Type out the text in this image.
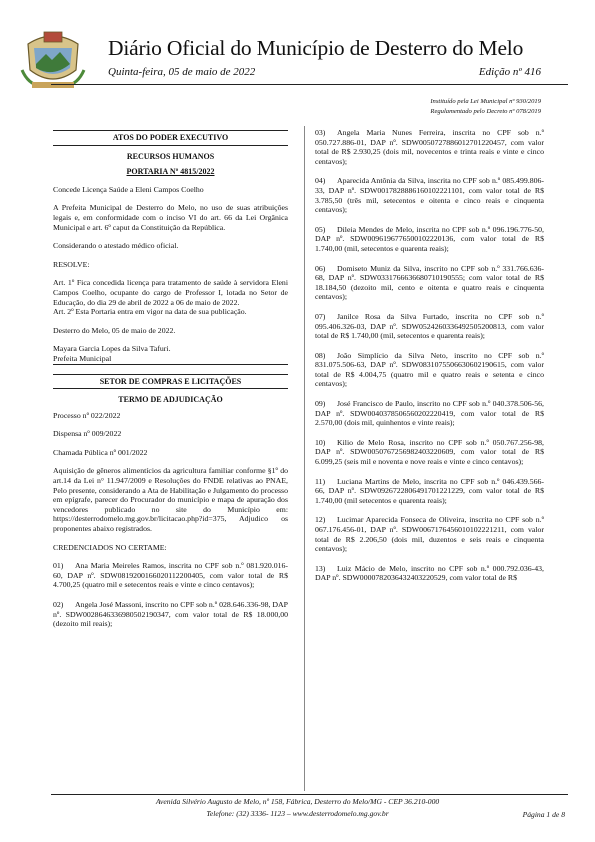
Diário Oficial do Município de Desterro do Melo
Quinta-feira, 05 de maio de 2022	Edição nº 416
Instituído pela Lei Municipal nº 930/2019
Regulamentado pelo Decreto nº 078/2019
ATOS DO PODER EXECUTIVO
RECURSOS HUMANOS
PORTARIA Nº 4815/2022

Concede Licença Saúde a Eleni Campos Coelho

A Prefeita Municipal de Desterro do Melo, no uso de suas atribuições legais e, em conformidade com o inciso VI do art. 66 da Lei Orgânica Municipal e art. 6º caput da Constituição da República.

Considerando o atestado médico oficial.

RESOLVE:

Art. 1º Fica concedida licença para tratamento de saúde à servidora Eleni Campos Coelho, ocupante do cargo de Professor I, lotada no Setor de Educação, do dia 29 de abril de 2022 a 06 de maio de 2022.

Art. 2º Esta Portaria entra em vigor na data de sua publicação.

Desterro do Melo, 05 de maio de 2022.

Mayara Garcia Lopes da Silva Tafuri.

Prefeita Municipal

SETOR DE COMPRAS E LICITAÇÕES
TERMO DE ADJUDICAÇÃO

Processo nº 022/2022

Dispensa nº 009/2022

Chamada Pública nº 001/2022

Aquisição de gêneros alimentícios da agricultura familiar conforme §1º do art.14 da Lei n° 11.947/2009 e Resoluções do FNDE relativas ao PNAE, Pelo presente, considerando a Ata de Habilitação e Julgamento do processo em epígrafe, parecer do Procurador do município e mapa de apuração dos vencedores publicado no site do Município em: https://desterrodomelo.mg.gov.br/licitacao.php?id=375, Adjudico os proponentes abaixo registrados.

CREDENCIADOS NO CERTAME:

01) Ana Maria Meireles Ramos, inscrita no CPF sob n.º 081.920.016-60, DAP nº. SDW0819200166020112200405, com valor total de R$ 4.700,25 (quatro mil e setecentos reais e vinte e cinco centavos);
02) Angela José Massoni, inscrito no CPF sob n.º 028.646.336-98, DAP nº. SDW0028646336980502190347, com valor total de R$ 18.000,00 (dezoito mil reais);
03) Angela Maria Nunes Ferreira, inscrita no CPF sob n.º 050.727.886-01, DAP nº. SDW0050727886012701220457, com valor total de R$ 2.930,25 (dois mil, novecentos e trinta reais e vinte e cinco centavos);
04) Aparecida Antônia da Silva, inscrita no CPF sob n.º 085.499.806-33, DAP nº. SDW0017828886160102221101, com valor total de R$ 3.785,50 (três mil, setecentos e oitenta e cinco reais e cinquenta centavos);
05) Dileia Mendes de Melo, inscrita no CPF sob n.º 096.196.776-50, DAP nº. SDW0096196776500102220136, com valor total de R$ 1.740,00 (mil, setecentos e quarenta reais);
06) Domiseto Muniz da Silva, inscrito no CPF sob n.º 331.766.636-68, DAP nº. SDW0331766636680710190555; com valor total de R$ 18.184,50 (dezoito mil, cento e oitenta e quatro reais e cinquenta centavos);
07) Janilce Rosa da Silva Furtado, inscrita no CPF sob n.º 095.406.326-03, DAP nº. SDW0524260336492505200813, com valor total de R$ 1.740,00 (mil, setecentos e quarenta reais);
08) João Simplício da Silva Neto, inscrito no CPF sob n.º 831.075.506-63, DAP nº. SDW0831075506630602190615, com valor total de R$ 4.004,75 (quatro mil e quatro reais e setenta e cinco centavos);
09) José Francisco de Paulo, inscrito no CPF sob n.º 040.378.506-56, DAP nº. SDW0040378506560202220419, com valor total de R$ 2.570,00 (dois mil, quinhentos e vinte reais);
10) Kilio de Melo Rosa, inscrito no CPF sob n.º 050.767.256-98, DAP nº. SDW0050767256982403220609, com valor total de R$ 6.099,25 (seis mil e noventa e nove reais e vinte e cinco centavos);
11) Luciana Martins de Melo, inscrita no CPF sob n.º 046.439.566-66, DAP nº. SDW0926722806491701221229, com valor total de R$ 1.740,00 (mil setecentos e quarenta reais);
12) Lucimar Aparecida Fonseca de Oliveira, inscrita no CPF sob n.º 067.176.456-01, DAP nº. SDW0067176456010102221211, com valor total de R$ 2.206,50 (dois mil, duzentos e seis reais e cinquenta centavos);
13) Luiz Mácio de Melo, inscrito no CPF sob n.º 000.792.036-43, DAP nº. SDW0000782036432403220529, com valor total de R$
Avenida Silvério Augusto de Melo, nº 158, Fábrica, Desterro do Melo/MG - CEP 36.210-000
Telefone: (32) 3336- 1123 – www.desterrodomelo.mg.gov.br	Página 1 de 8
